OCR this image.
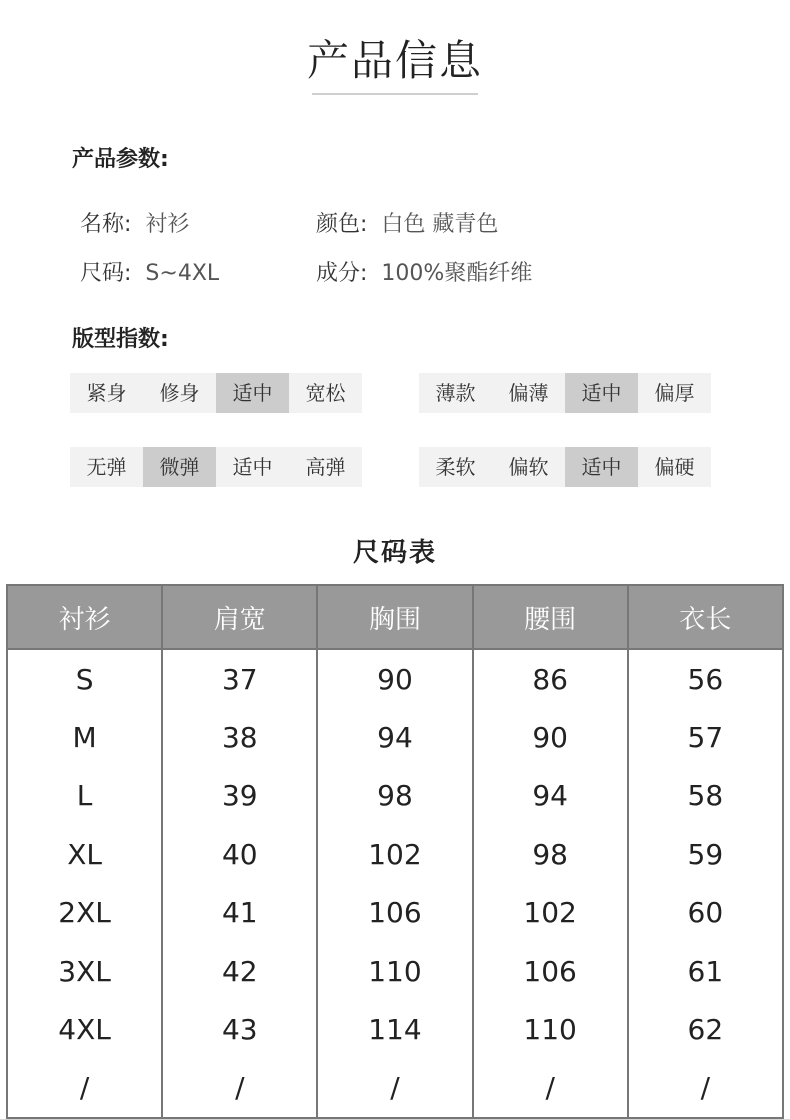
产品信息
产品参数:
名称: 衬衫	颜色: 白色 藏青色
尺码: S~4XL	成分: 100%聚酯纤维
版型指数:
紧身	修身	适中	宽松	薄款	偏薄	适中	偏厚
无弹	微弹	适中	高弹	柔软	偏软	适中	偏硬
尺码表
衬衫	肩宽	胸围	腰围	衣长
S	37	90	86	56
M	38	94	90	57
L	39	98	94	58
XL	40	102	98	59
2XL	41	106	102	60
3XL	42	110	106	61
4XL	43	114	110	62
/	/	/	/	/
